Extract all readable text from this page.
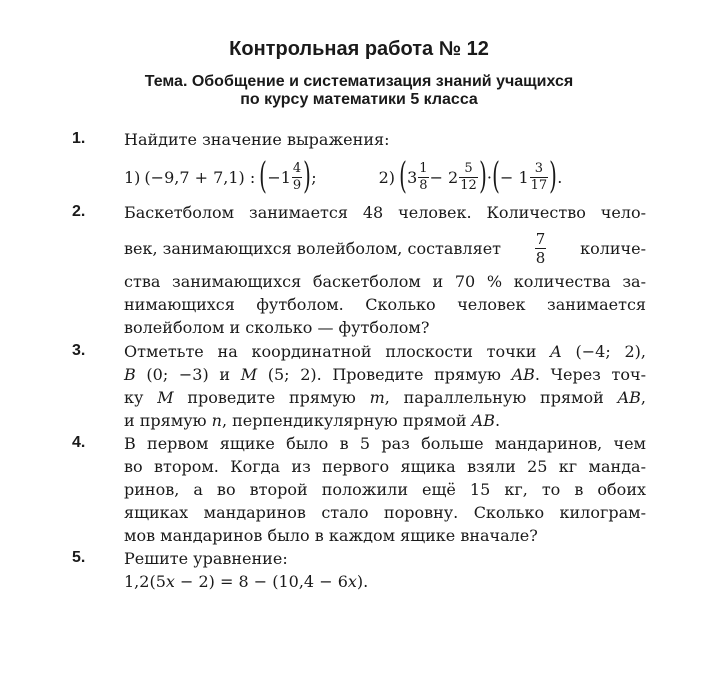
Контрольная работа № 12
Тема. Обобщение и систематизация знаний учащихся
по курсу математики 5 класса
1. Найдите значение выражения:
1) (−9,7 + 7,1) : ( $-1 \frac{4}{9}$ ) ;	2) ( $3 \frac{1}{8} - 2 \frac{5}{12}$ ) · ( − $1 \frac{3}{17}$ ) .
2. Баскетболом занимается 48 человек. Количество чело-
век, занимающихся волейболом, составляет $\frac{7}{8}$ количе-
ства занимающихся баскетболом и 70 % количества за-
нимающихся футболом. Сколько человек занимается
волейболом и сколько — футболом?
3. Отметьте на координатной плоскости точки A (−4; 2),
B (0; −3) и M (5; 2). Проведите прямую AB. Через точ-
ку M проведите прямую m, параллельную прямой AB,
и прямую n, перпендикулярную прямой AB.
4. В первом ящике было в 5 раз больше мандаринов, чем
во втором. Когда из первого ящика взяли 25 кг манда-
ринов, а во второй положили ещё 15 кг, то в обоих
ящиках мандаринов стало поровну. Сколько килограм-
мов мандаринов было в каждом ящике вначале?
5. Решите уравнение:
1,2(5x − 2) = 8 − (10,4 − 6x).
